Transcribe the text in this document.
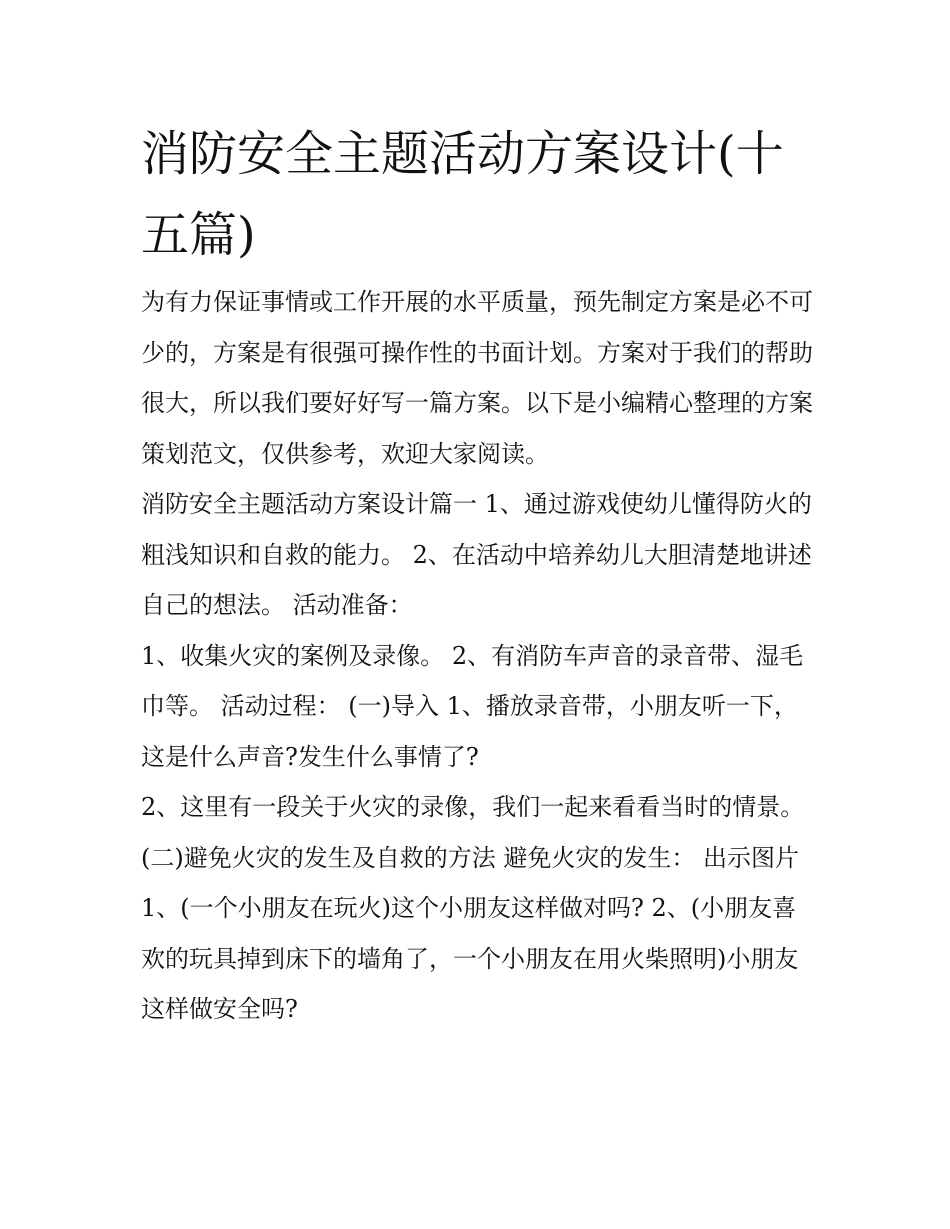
消防安全主题活动方案设计(十五篇)

为有力保证事情或工作开展的水平质量，预先制定方案是必不可少的，方案是有很强可操作性的书面计划。方案对于我们的帮助很大，所以我们要好好写一篇方案。以下是小编精心整理的方案策划范文，仅供参考，欢迎大家阅读。

消防安全主题活动方案设计篇一 1、通过游戏使幼儿懂得防火的粗浅知识和自救的能力。 2、在活动中培养幼儿大胆清楚地讲述自己的想法。 活动准备：

1、收集火灾的案例及录像。 2、有消防车声音的录音带、湿毛巾等。 活动过程： (一)导入 1、播放录音带，小朋友听一下，这是什么声音?发生什么事情了?

2、这里有一段关于火灾的录像，我们一起来看看当时的情景。 (二)避免火灾的发生及自救的方法 避免火灾的发生： 出示图片

1、(一个小朋友在玩火)这个小朋友这样做对吗? 2、(小朋友喜欢的玩具掉到床下的墙角了，一个小朋友在用火柴照明)小朋友这样做安全吗?
